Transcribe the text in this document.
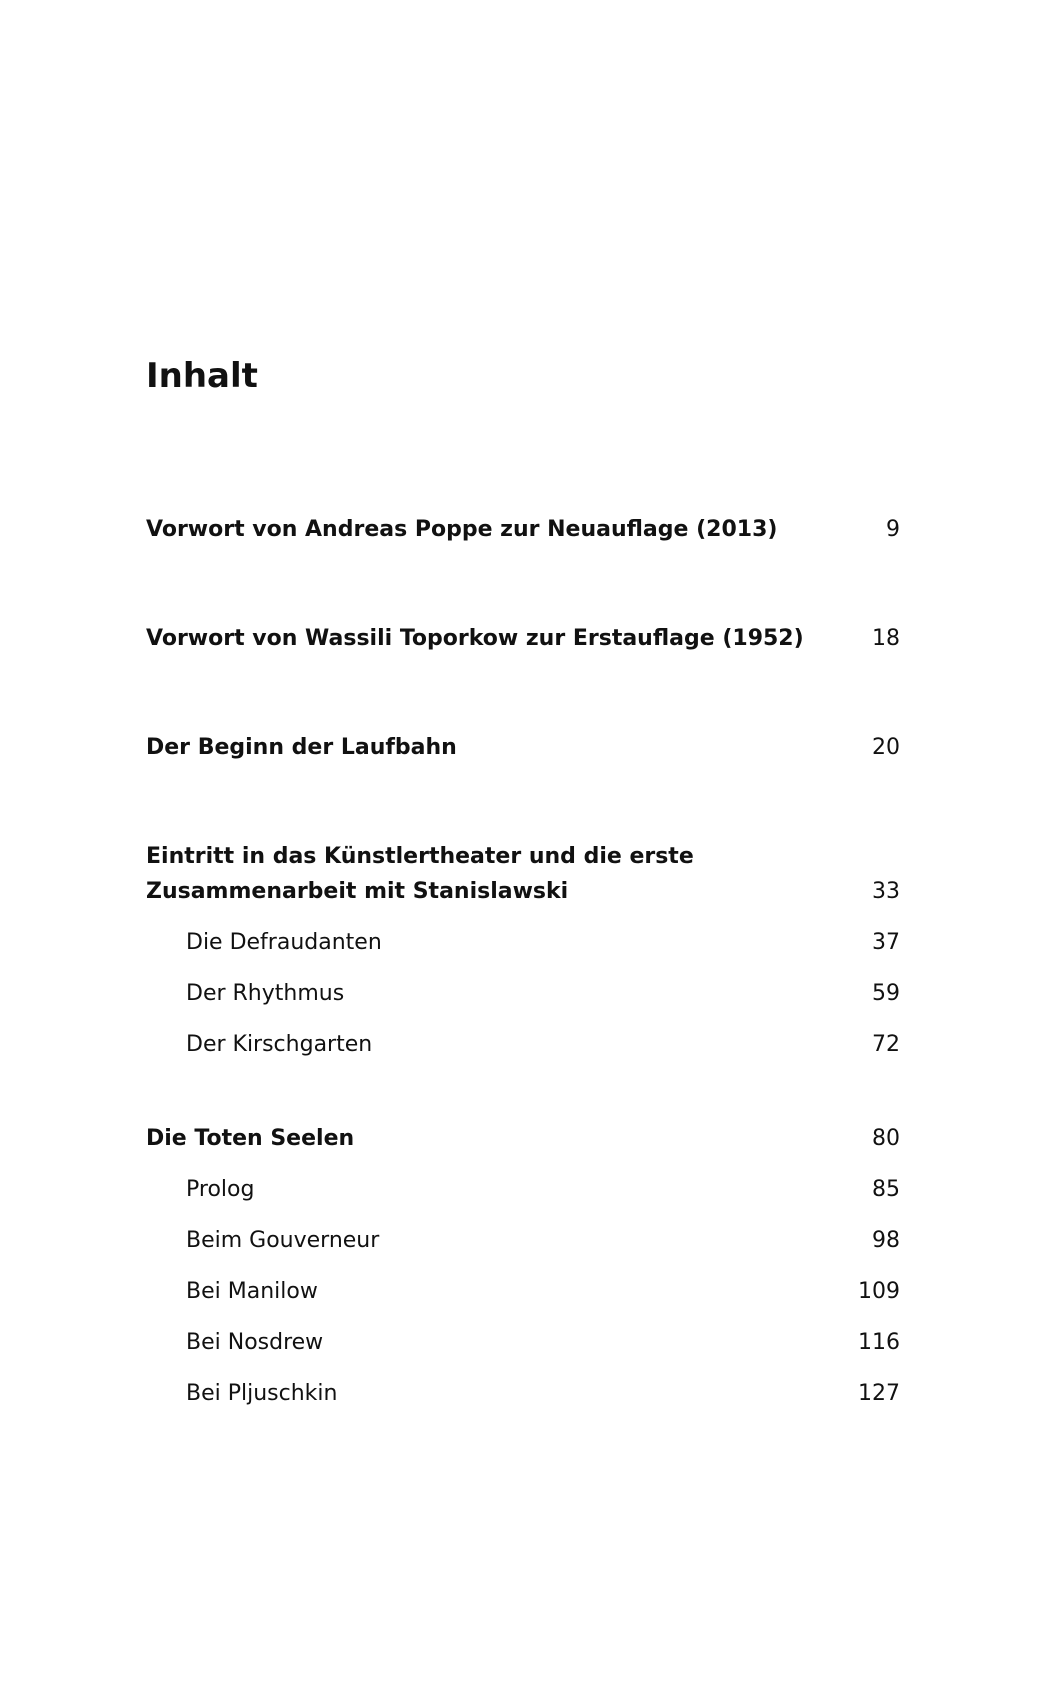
Inhalt
Vorwort von Andreas Poppe zur Neuauflage (2013)	9
Vorwort von Wassili Toporkow zur Erstauflage (1952)	18
Der Beginn der Laufbahn	20
Eintritt in das Künstlertheater und die erste
Zusammenarbeit mit Stanislawski	33
Die Defraudanten	37
Der Rhythmus	59
Der Kirschgarten	72
Die Toten Seelen	80
Prolog	85
Beim Gouverneur	98
Bei Manilow	109
Bei Nosdrew	116
Bei Pljuschkin	127
